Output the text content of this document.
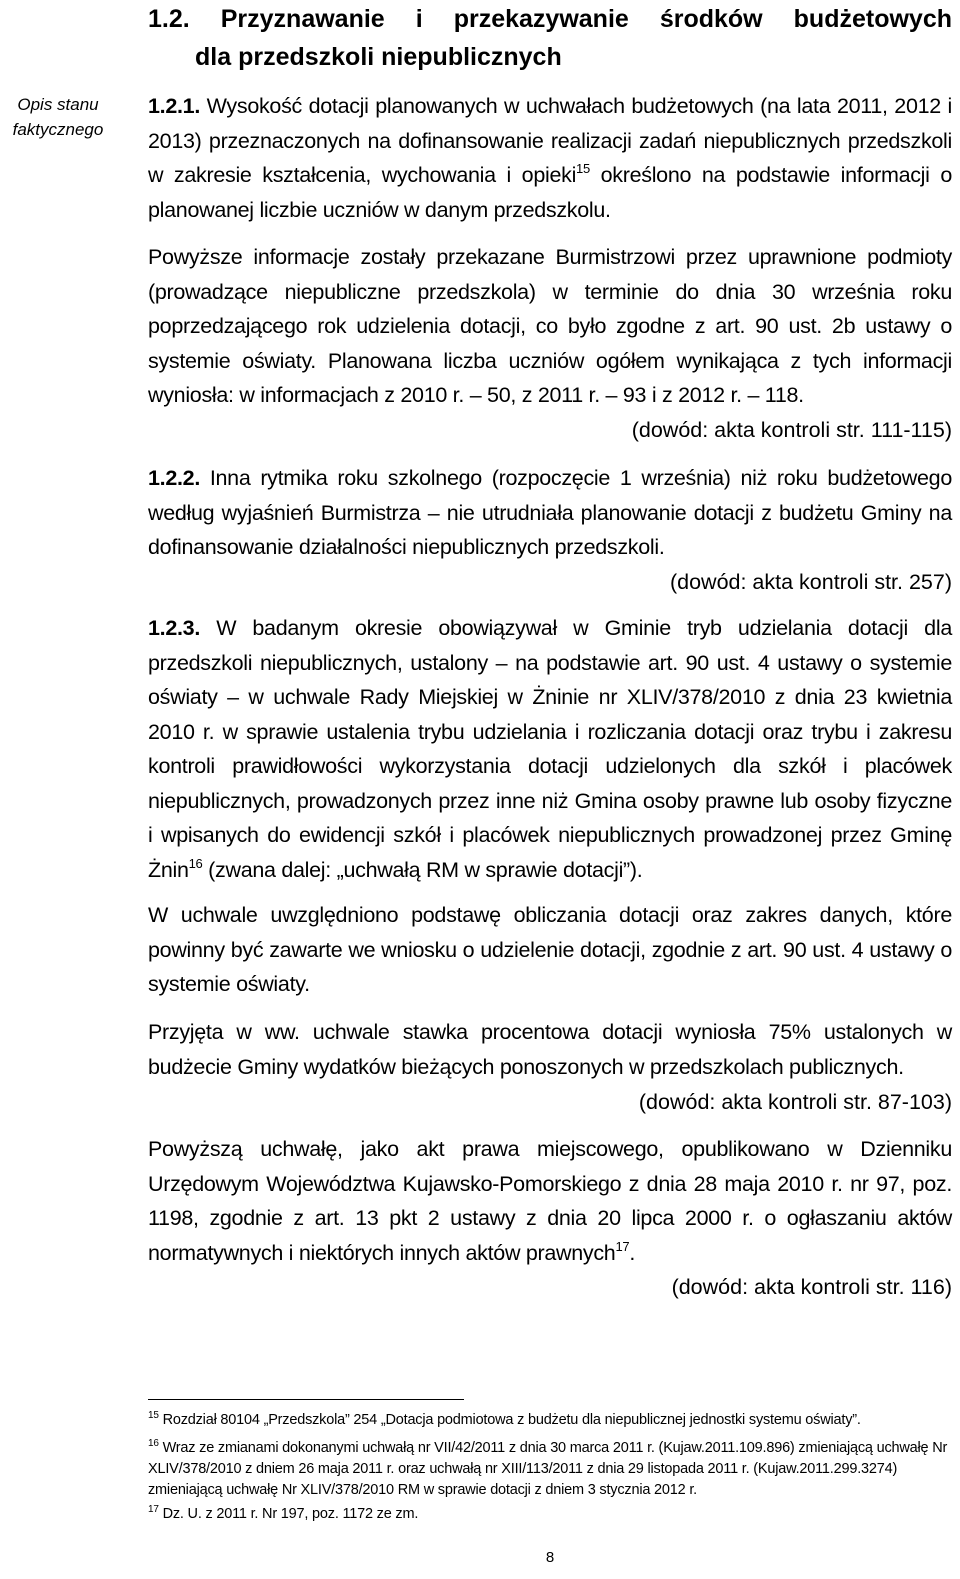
1.2. Przyznawanie i przekazywanie środków budżetowych
dla przedszkoli niepublicznych
Opis stanu faktycznego
1.2.1. Wysokość dotacji planowanych w uchwałach budżetowych (na lata 2011, 2012 i 2013) przeznaczonych na dofinansowanie realizacji zadań niepublicznych przedszkoli w zakresie kształcenia, wychowania i opieki$^{15}$ określono na podstawie informacji o planowanej liczbie uczniów w danym przedszkolu.
Powyższe informacje zostały przekazane Burmistrzowi przez uprawnione podmioty (prowadzące niepubliczne przedszkola) w terminie do dnia 30 września roku poprzedzającego rok udzielenia dotacji, co było zgodne z art. 90 ust. 2b ustawy o systemie oświaty. Planowana liczba uczniów ogółem wynikająca z tych informacji wyniosła: w informacjach z 2010 r. – 50, z 2011 r. – 93 i z 2012 r. – 118.
(dowód: akta kontroli str. 111-115)
1.2.2. Inna rytmika roku szkolnego (rozpoczęcie 1 września) niż roku budżetowego według wyjaśnień Burmistrza – nie utrudniała planowanie dotacji z budżetu Gminy na dofinansowanie działalności niepublicznych przedszkoli.
(dowód: akta kontroli str. 257)
1.2.3. W badanym okresie obowiązywał w Gminie tryb udzielania dotacji dla przedszkoli niepublicznych, ustalony – na podstawie art. 90 ust. 4 ustawy o systemie oświaty – w uchwale Rady Miejskiej w Żninie nr XLIV/378/2010 z dnia 23 kwietnia 2010 r. w sprawie ustalenia trybu udzielania i rozliczania dotacji oraz trybu i zakresu kontroli prawidłowości wykorzystania dotacji udzielonych dla szkół i placówek niepublicznych, prowadzonych przez inne niż Gmina osoby prawne lub osoby fizyczne i wpisanych do ewidencji szkół i placówek niepublicznych prowadzonej przez Gminę Żnin$^{16}$ (zwana dalej: „uchwałą RM w sprawie dotacji”).
W uchwale uwzględniono podstawę obliczania dotacji oraz zakres danych, które powinny być zawarte we wniosku o udzielenie dotacji, zgodnie z art. 90 ust. 4 ustawy o systemie oświaty.
Przyjęta w ww. uchwale stawka procentowa dotacji wyniosła 75% ustalonych w budżecie Gminy wydatków bieżących ponoszonych w przedszkolach publicznych.
(dowód: akta kontroli str. 87-103)
Powyższą uchwałę, jako akt prawa miejscowego, opublikowano w Dzienniku Urzędowym Województwa Kujawsko-Pomorskiego z dnia 28 maja 2010 r. nr 97, poz. 1198, zgodnie z art. 13 pkt 2 ustawy z dnia 20 lipca 2000 r. o ogłaszaniu aktów normatywnych i niektórych innych aktów prawnych$^{17}$.
(dowód: akta kontroli str. 116)
$^{15}$ Rozdział 80104 „Przedszkola” 254 „Dotacja podmiotowa z budżetu dla niepublicznej jednostki systemu oświaty”.
$^{16}$ Wraz ze zmianami dokonanymi uchwałą nr VII/42/2011 z dnia 30 marca 2011 r. (Kujaw.2011.109.896) zmieniającą uchwałę Nr XLIV/378/2010 z dniem 26 maja 2011 r. oraz uchwałą nr XIII/113/2011 z dnia 29 listopada 2011 r. (Kujaw.2011.299.3274) zmieniającą uchwałę Nr XLIV/378/2010 RM w sprawie dotacji z dniem 3 stycznia 2012 r.
$^{17}$ Dz. U. z 2011 r. Nr 197, poz. 1172 ze zm.
8
